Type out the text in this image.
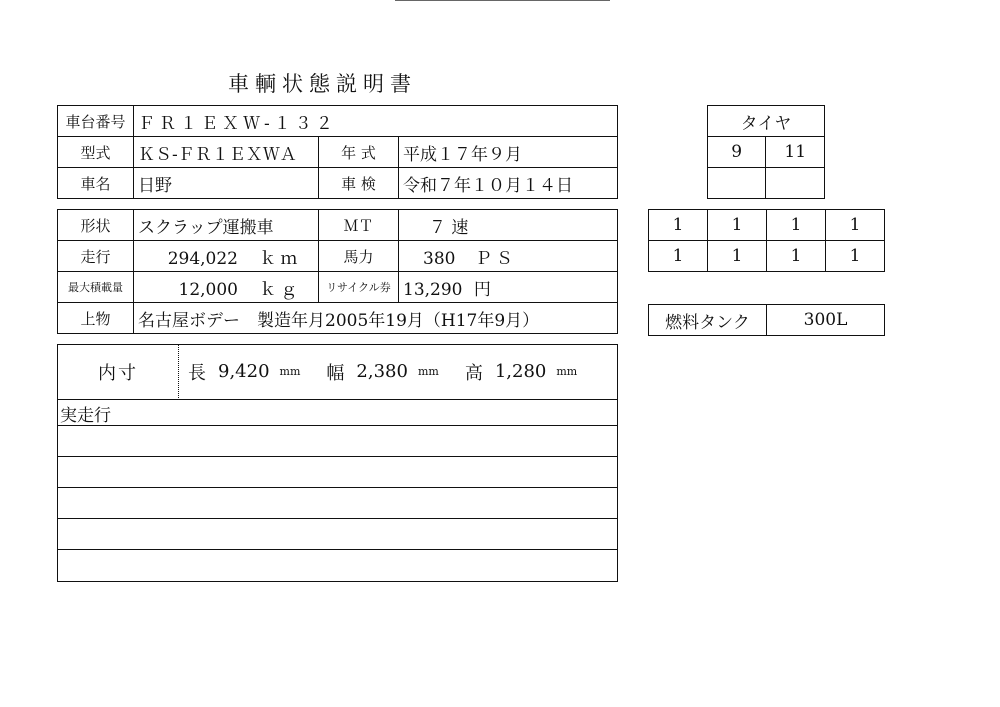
車輌状態説明書
車台番号	ＦＲ１ＥＸＷ-１３２		
型式	ＫＳ-ＦＲ１ＥＸＷＡ	年 式	平成１７年９月
車名	日野	車 検	令和７年１０月１４日
形状	スクラップ運搬車	ＭＴ	７ 速
走行	294,022 ｋｍ	馬力	380 ＰＳ
最大積載量	12,000 ｋｇ	リサイクル券	13,290 円
上物	名古屋ボデー　製造年月2005年19月（H17年9月）		
内寸	長 9,420 mm 幅 2,380 mm 高 1,280 mm
実走行
タイヤ	
9	11

1	1	1	1
1	1	1	1
燃料タンク	300L
